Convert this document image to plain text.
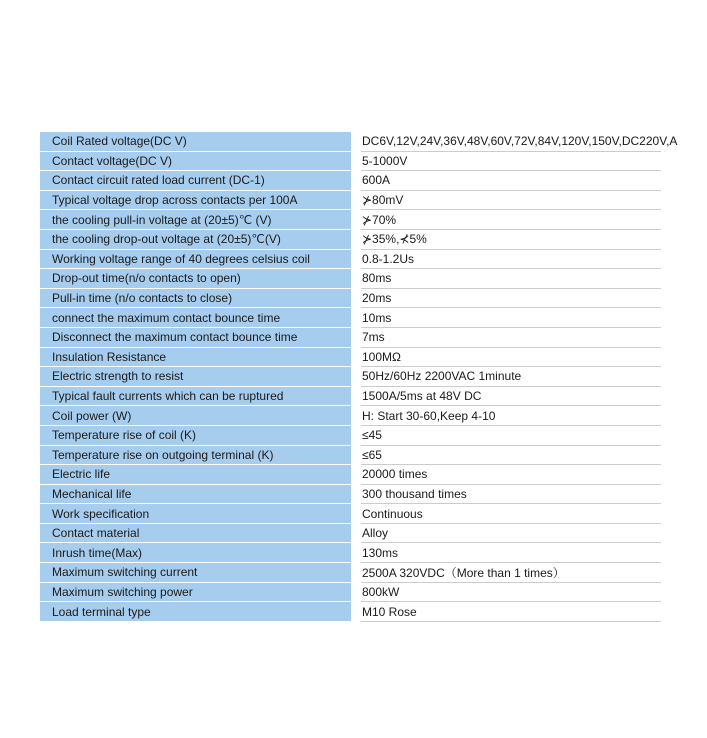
Coil Rated voltage(DC V)		DC6V,12V,24V,36V,48V,60V,72V,84V,120V,150V,DC220V,A
Contact voltage(DC V)		5-1000V
Contact circuit rated load current (DC-1)		600A
Typical voltage drop across contacts per 100A		⊁80mV
the cooling pull-in voltage at (20±5)℃ (V)		⊁70%
the cooling drop-out voltage at (20±5)℃(V)		⊁35%,⊀5%
Working voltage range of 40 degrees celsius coil		0.8-1.2Us
Drop-out time(n/o contacts to open)		80ms
Pull-in time (n/o contacts to close)		20ms
connect the maximum contact bounce time		10ms
Disconnect the maximum contact bounce time		7ms
Insulation Resistance		100MΩ
Electric strength to resist		50Hz/60Hz 2200VAC 1minute
Typical fault currents which can be ruptured		1500A/5ms at 48V DC
Coil power (W)		H: Start 30-60,Keep 4-10
Temperature rise of coil (K)		≤45
Temperature rise on outgoing terminal (K)		≤65
Electric life		20000 times
Mechanical life		300 thousand times
Work specification		Continuous
Contact material		Alloy
Inrush time(Max)		130ms
Maximum switching current		2500A 320VDC（More than 1 times）
Maximum switching power		800kW
Load terminal type		M10 Rose
